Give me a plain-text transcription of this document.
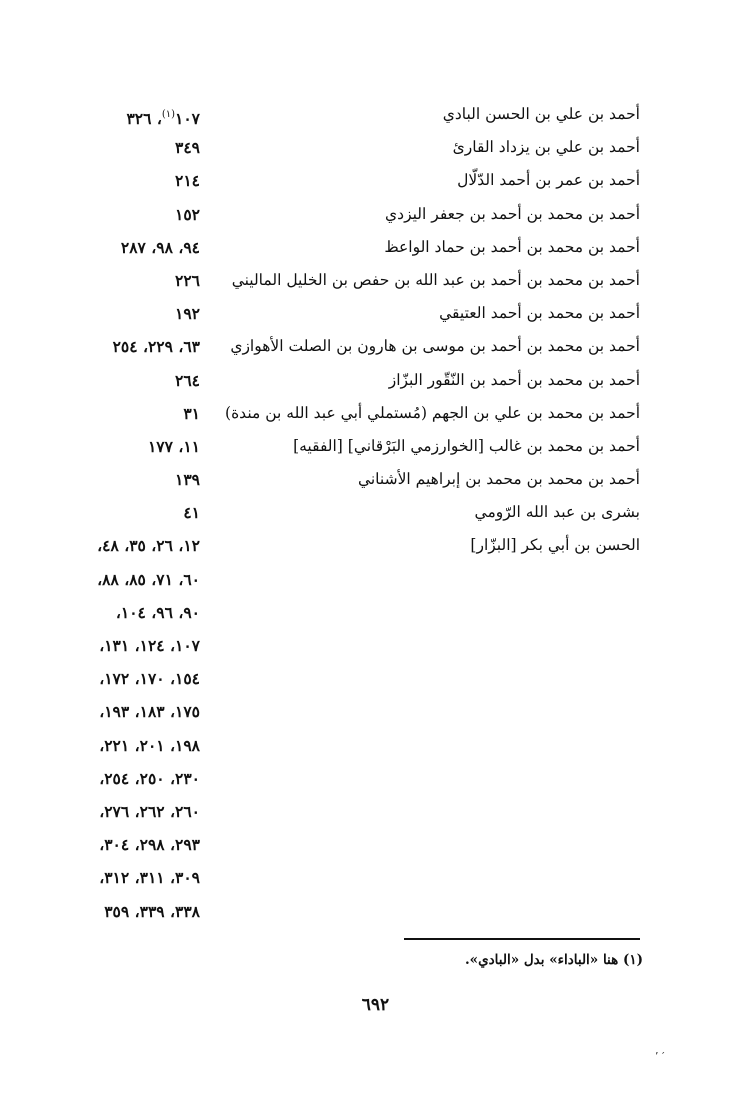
أحمد بن علي بن الحسن البادي
١٠٧$^{(١)}$، ٣٢٦
أحمد بن علي بن يزداد القارئ
٣٤٩
أحمد بن عمر بن أحمد الدّلّال
٢١٤
أحمد بن محمد بن أحمد بن جعفر اليزدي
١٥٢
أحمد بن محمد بن أحمد بن حماد الواعظ
٩٤، ٩٨، ٢٨٧
أحمد بن محمد بن أحمد بن عبد الله بن حفص بن الخليل الماليني
٢٢٦
أحمد بن محمد بن أحمد العتيقي
١٩٢
أحمد بن محمد بن أحمد بن موسى بن هارون بن الصلت الأهوازي
٦٣، ٢٢٩، ٢٥٤
أحمد بن محمد بن أحمد بن النّقّور البزّاز
٢٦٤
أحمد بن محمد بن علي بن الجهم (مُستملي أبي عبد الله بن مندة)
٣١
أحمد بن محمد بن غالب [الخوارزمي البَرْقاني] [الفقيه]
١١، ١٧٧
أحمد بن محمد بن محمد بن إبراهيم الأشناني
١٣٩
بشرى بن عبد الله الرّومي
٤١
الحسن بن أبي بكر [البزّار]
١٢، ٢٦، ٣٥، ٤٨،
٦٠، ٧١، ٨٥، ٨٨،
٩٠، ٩٦، ١٠٤،
١٠٧، ١٢٤، ١٣١،
١٥٤، ١٧٠، ١٧٢،
١٧٥، ١٨٣، ١٩٣،
١٩٨، ٢٠١، ٢٢١،
٢٣٠، ٢٥٠، ٢٥٤،
٢٦٠، ٢٦٢، ٢٧٦،
٢٩٣، ٢٩٨، ٣٠٤،
٣٠٩، ٣١١، ٣١٢،
٣٣٨، ٣٣٩، ٣٥٩
(١) هنا «الباداء» بدل «البادي».
٦٩٢
٬ ′
